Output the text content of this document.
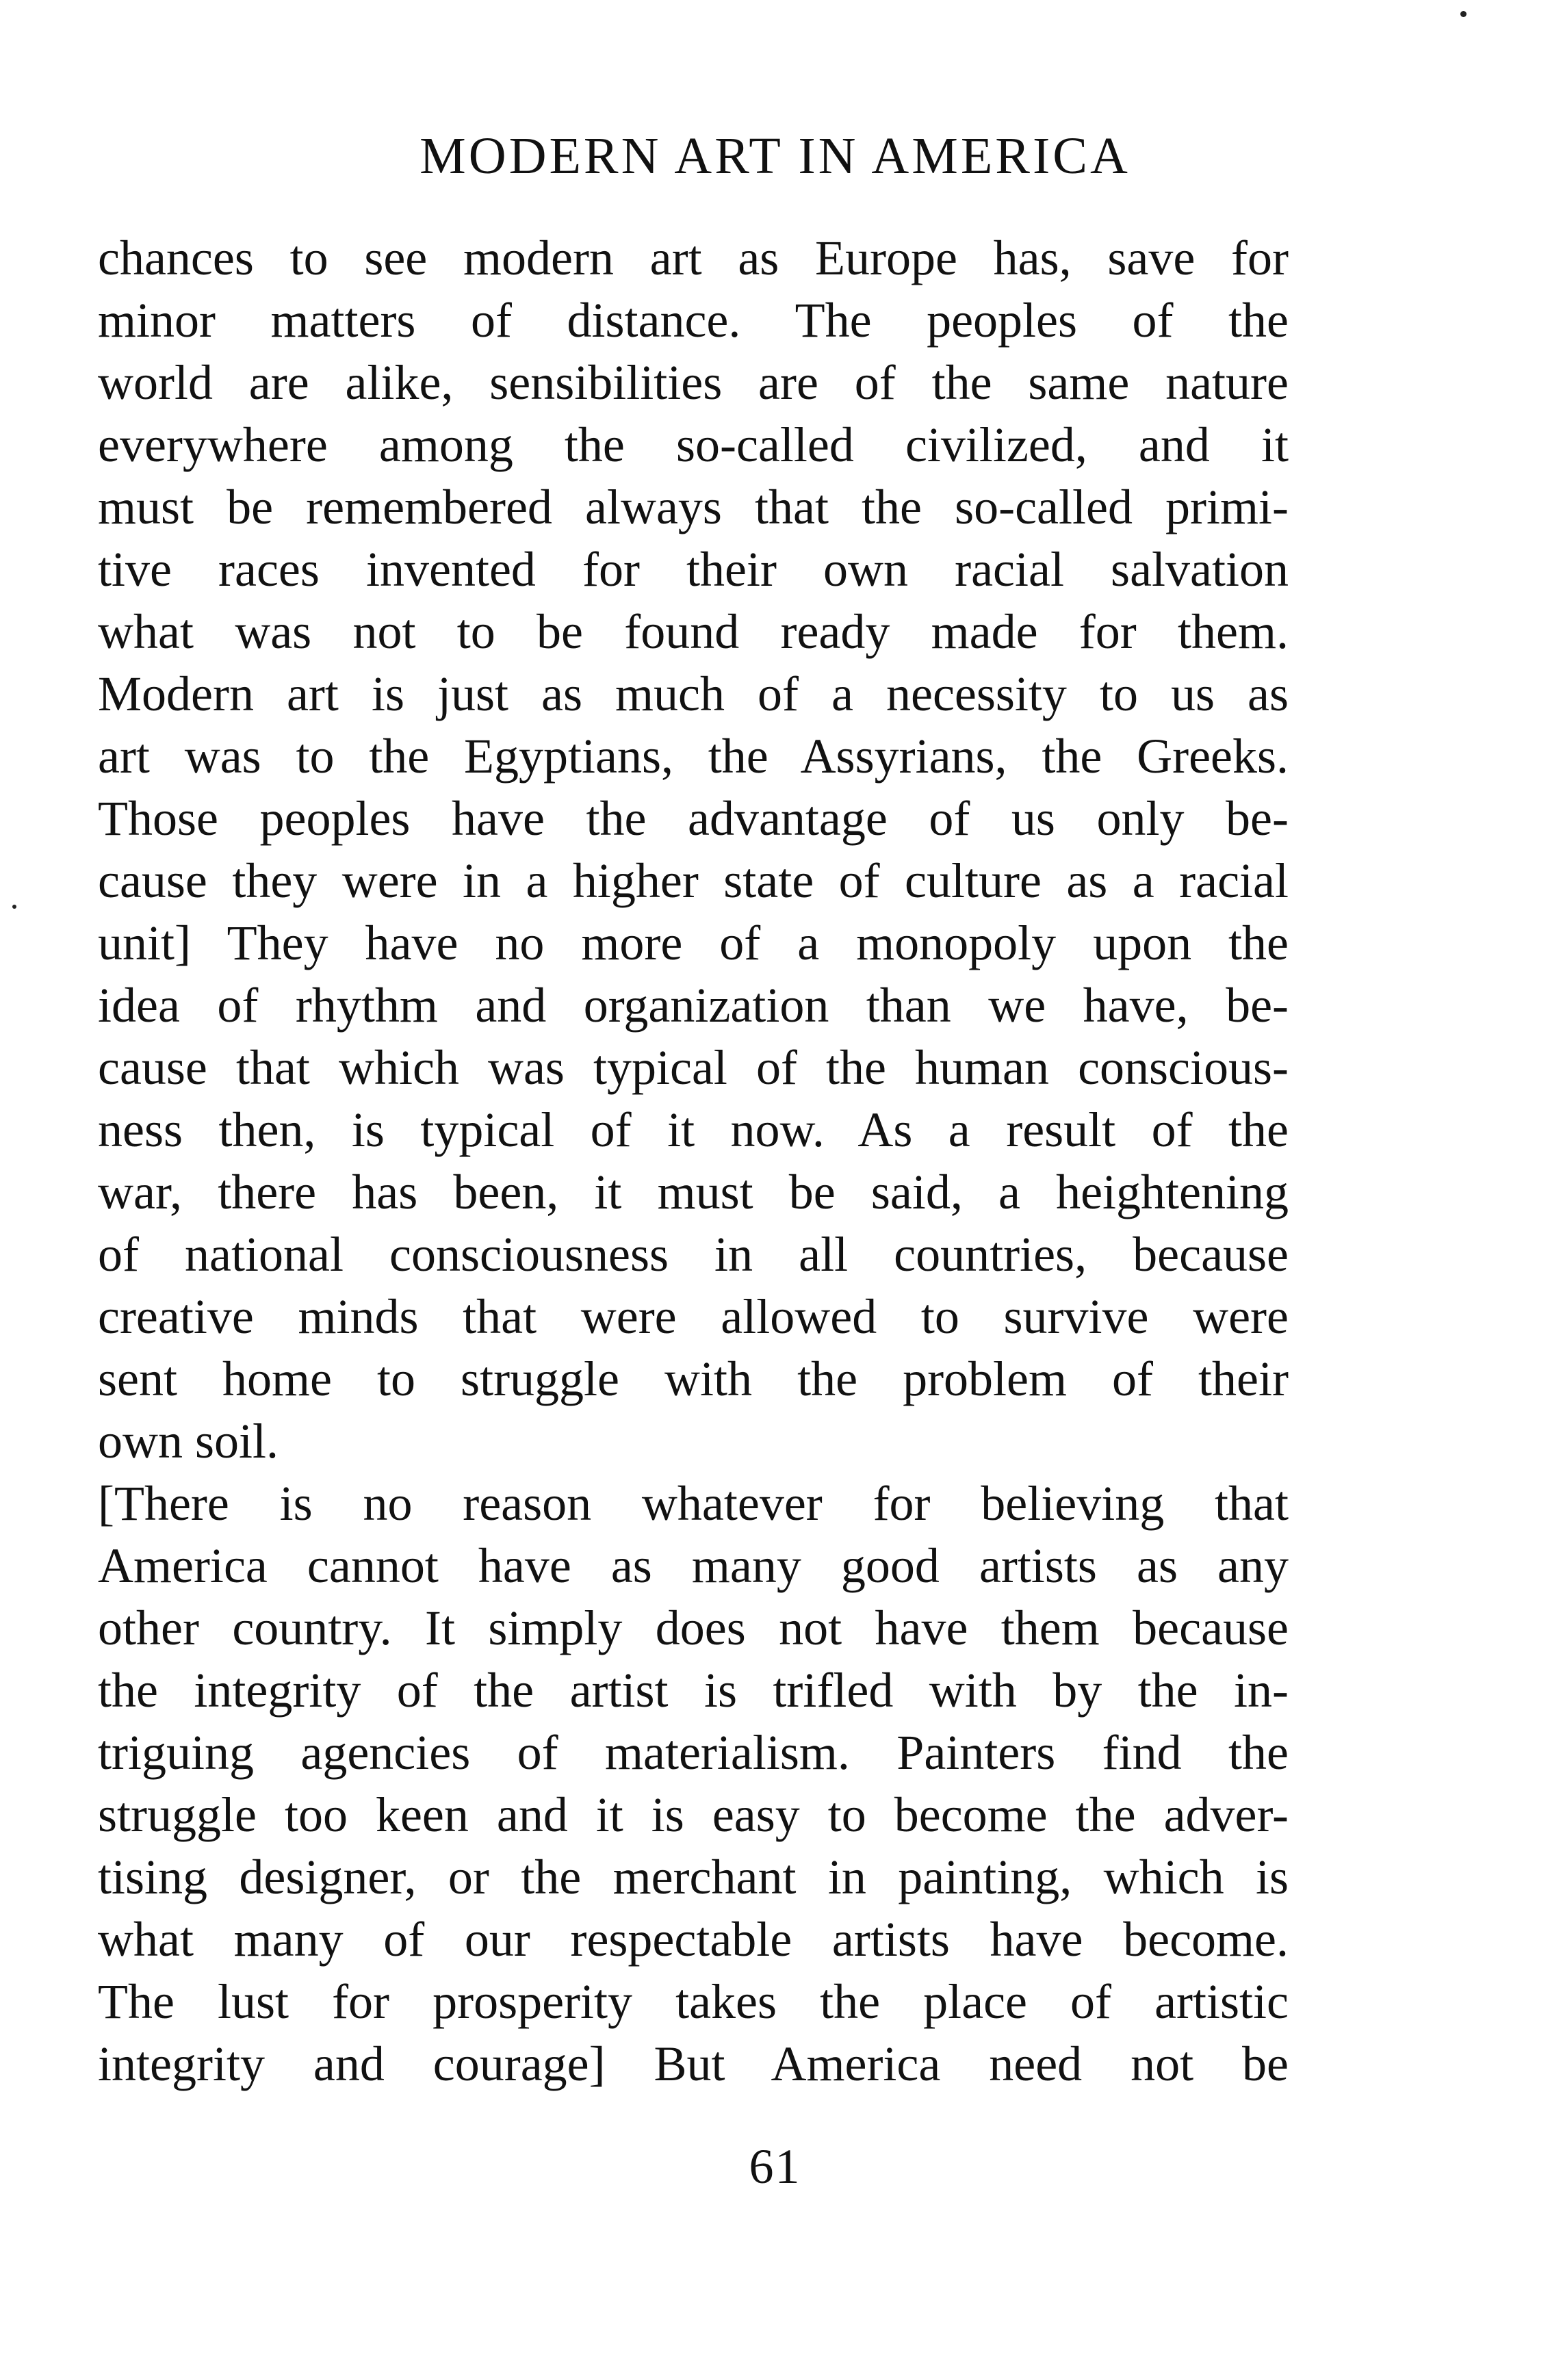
MODERN ART IN AMERICA
chances to see modern art as Europe has, save for
minor matters of distance. The peoples of the
world are alike, sensibilities are of the same nature
everywhere among the so-called civilized, and it
must be remembered always that the so-called primi-
tive races invented for their own racial salvation
what was not to be found ready made for them.
Modern art is just as much of a necessity to us as
art was to the Egyptians, the Assyrians, the Greeks.
Those peoples have the advantage of us only be-
cause they were in a higher state of culture as a racial
unit] They have no more of a monopoly upon the
idea of rhythm and organization than we have, be-
cause that which was typical of the human conscious-
ness then, is typical of it now. As a result of the
war, there has been, it must be said, a heightening
of national consciousness in all countries, because
creative minds that were allowed to survive were
sent home to struggle with the problem of their
own soil.
[There is no reason whatever for believing that
America cannot have as many good artists as any
other country. It simply does not have them because
the integrity of the artist is trifled with by the in-
triguing agencies of materialism. Painters find the
struggle too keen and it is easy to become the adver-
tising designer, or the merchant in painting, which is
what many of our respectable artists have become.
The lust for prosperity takes the place of artistic
integrity and courage] But America need not be
61
